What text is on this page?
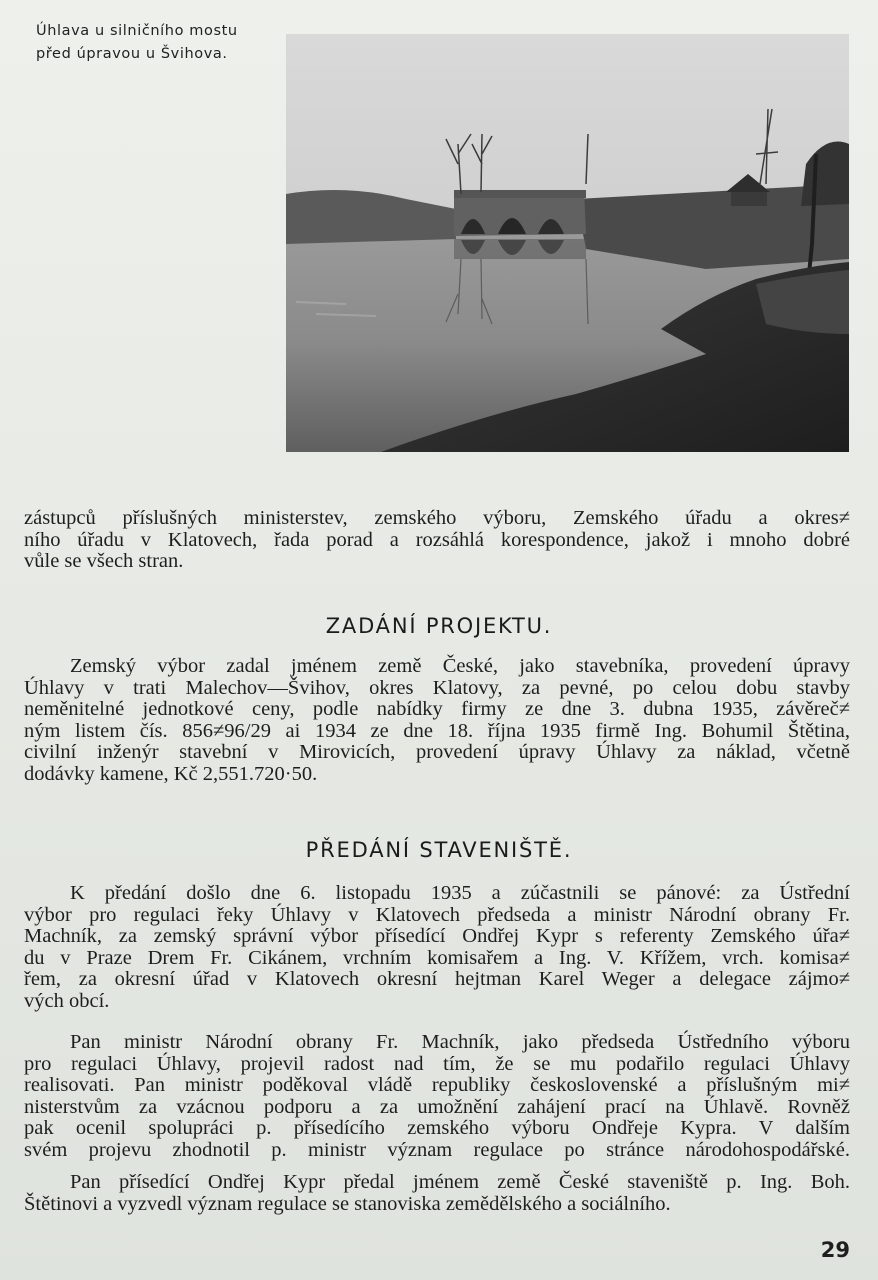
Úhlava u silničního mostu
před úpravou u Švihova.
zástupců příslušných ministerstev, zemského výboru, Zemského úřadu a okres≠
ního úřadu v Klatovech, řada porad a rozsáhlá korespondence, jakož i mnoho dobré
vůle se všech stran.
ZADÁNÍ PROJEKTU.
Zemský výbor zadal jménem země České, jako stavebníka, provedení úpravy
Úhlavy v trati Malechov—Švihov, okres Klatovy, za pevné, po celou dobu stavby
neměnitelné jednotkové ceny, podle nabídky firmy ze dne 3. dubna 1935, závěreč≠
ným listem čís. 856≠96/29 ai 1934 ze dne 18. října 1935 firmě Ing. Bohumil Štětina,
civilní inženýr stavební v Mirovicích, provedení úpravy Úhlavy za náklad, včetně
dodávky kamene, Kč 2,551.720·50.
PŘEDÁNÍ STAVENIŠTĚ.
K předání došlo dne 6. listopadu 1935 a zúčastnili se pánové: za Ústřední
výbor pro regulaci řeky Úhlavy v Klatovech předseda a ministr Národní obrany Fr.
Machník, za zemský správní výbor přísedící Ondřej Kypr s referenty Zemského úřa≠
du v Praze Drem Fr. Cikánem, vrchním komisařem a Ing. V. Křížem, vrch. komisa≠
řem, za okresní úřad v Klatovech okresní hejtman Karel Weger a delegace zájmo≠
vých obcí.
Pan ministr Národní obrany Fr. Machník, jako předseda Ústředního výboru
pro regulaci Úhlavy, projevil radost nad tím, že se mu podařilo regulaci Úhlavy
realisovati. Pan ministr poděkoval vládě republiky československé a příslušným mi≠
nisterstvům za vzácnou podporu a za umožnění zahájení prací na Úhlavě. Rovněž
pak ocenil spolupráci p. přísedícího zemského výboru Ondřeje Kypra. V dalším
svém projevu zhodnotil p. ministr význam regulace po stránce národohospodářské.
Pan přísedící Ondřej Kypr předal jménem země České staveniště p. Ing. Boh.
Štětinovi a vyzvedl význam regulace se stanoviska zemědělského a sociálního.
29
